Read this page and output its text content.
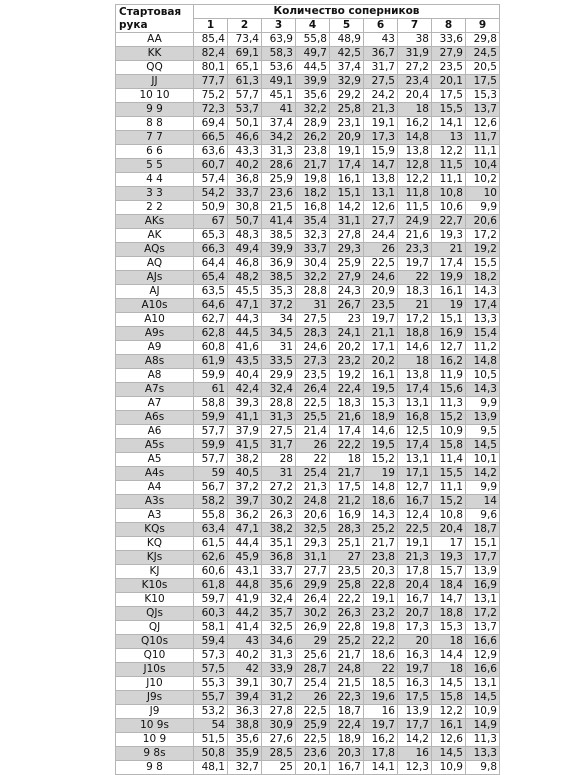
Стартовая рука	Количество соперников								
	1	2	3	4	5	6	7	8	9
AA	85,4	73,4	63,9	55,8	48,9	43	38	33,6	29,8
KK	82,4	69,1	58,3	49,7	42,5	36,7	31,9	27,9	24,5
QQ	80,1	65,1	53,6	44,5	37,4	31,7	27,2	23,5	20,5
JJ	77,7	61,3	49,1	39,9	32,9	27,5	23,4	20,1	17,5
10 10	75,2	57,7	45,1	35,6	29,2	24,2	20,4	17,5	15,3
9 9	72,3	53,7	41	32,2	25,8	21,3	18	15,5	13,7
8 8	69,4	50,1	37,4	28,9	23,1	19,1	16,2	14,1	12,6
7 7	66,5	46,6	34,2	26,2	20,9	17,3	14,8	13	11,7
6 6	63,6	43,3	31,3	23,8	19,1	15,9	13,8	12,2	11,1
5 5	60,7	40,2	28,6	21,7	17,4	14,7	12,8	11,5	10,4
4 4	57,4	36,8	25,9	19,8	16,1	13,8	12,2	11,1	10,2
3 3	54,2	33,7	23,6	18,2	15,1	13,1	11,8	10,8	10
2 2	50,9	30,8	21,5	16,8	14,2	12,6	11,5	10,6	9,9
AKs	67	50,7	41,4	35,4	31,1	27,7	24,9	22,7	20,6
AK	65,3	48,3	38,5	32,3	27,8	24,4	21,6	19,3	17,2
AQs	66,3	49,4	39,9	33,7	29,3	26	23,3	21	19,2
AQ	64,4	46,8	36,9	30,4	25,9	22,5	19,7	17,4	15,5
AJs	65,4	48,2	38,5	32,2	27,9	24,6	22	19,9	18,2
AJ	63,5	45,5	35,3	28,8	24,3	20,9	18,3	16,1	14,3
A10s	64,6	47,1	37,2	31	26,7	23,5	21	19	17,4
A10	62,7	44,3	34	27,5	23	19,7	17,2	15,1	13,3
A9s	62,8	44,5	34,5	28,3	24,1	21,1	18,8	16,9	15,4
A9	60,8	41,6	31	24,6	20,2	17,1	14,6	12,7	11,2
A8s	61,9	43,5	33,5	27,3	23,2	20,2	18	16,2	14,8
A8	59,9	40,4	29,9	23,5	19,2	16,1	13,8	11,9	10,5
A7s	61	42,4	32,4	26,4	22,4	19,5	17,4	15,6	14,3
A7	58,8	39,3	28,8	22,5	18,3	15,3	13,1	11,3	9,9
A6s	59,9	41,1	31,3	25,5	21,6	18,9	16,8	15,2	13,9
A6	57,7	37,9	27,5	21,4	17,4	14,6	12,5	10,9	9,5
A5s	59,9	41,5	31,7	26	22,2	19,5	17,4	15,8	14,5
A5	57,7	38,2	28	22	18	15,2	13,1	11,4	10,1
A4s	59	40,5	31	25,4	21,7	19	17,1	15,5	14,2
A4	56,7	37,2	27,2	21,3	17,5	14,8	12,7	11,1	9,9
A3s	58,2	39,7	30,2	24,8	21,2	18,6	16,7	15,2	14
A3	55,8	36,2	26,3	20,6	16,9	14,3	12,4	10,8	9,6
KQs	63,4	47,1	38,2	32,5	28,3	25,2	22,5	20,4	18,7
KQ	61,5	44,4	35,1	29,3	25,1	21,7	19,1	17	15,1
KJs	62,6	45,9	36,8	31,1	27	23,8	21,3	19,3	17,7
KJ	60,6	43,1	33,7	27,7	23,5	20,3	17,8	15,7	13,9
K10s	61,8	44,8	35,6	29,9	25,8	22,8	20,4	18,4	16,9
K10	59,7	41,9	32,4	26,4	22,2	19,1	16,7	14,7	13,1
QJs	60,3	44,2	35,7	30,2	26,3	23,2	20,7	18,8	17,2
QJ	58,1	41,4	32,5	26,9	22,8	19,8	17,3	15,3	13,7
Q10s	59,4	43	34,6	29	25,2	22,2	20	18	16,6
Q10	57,3	40,2	31,3	25,6	21,7	18,6	16,3	14,4	12,9
J10s	57,5	42	33,9	28,7	24,8	22	19,7	18	16,6
J10	55,3	39,1	30,7	25,4	21,5	18,5	16,3	14,5	13,1
J9s	55,7	39,4	31,2	26	22,3	19,6	17,5	15,8	14,5
J9	53,2	36,3	27,8	22,5	18,7	16	13,9	12,2	10,9
10 9s	54	38,8	30,9	25,9	22,4	19,7	17,7	16,1	14,9
10 9	51,5	35,6	27,6	22,5	18,9	16,2	14,2	12,6	11,3
9 8s	50,8	35,9	28,5	23,6	20,3	17,8	16	14,5	13,3
9 8	48,1	32,7	25	20,1	16,7	14,1	12,3	10,9	9,8
